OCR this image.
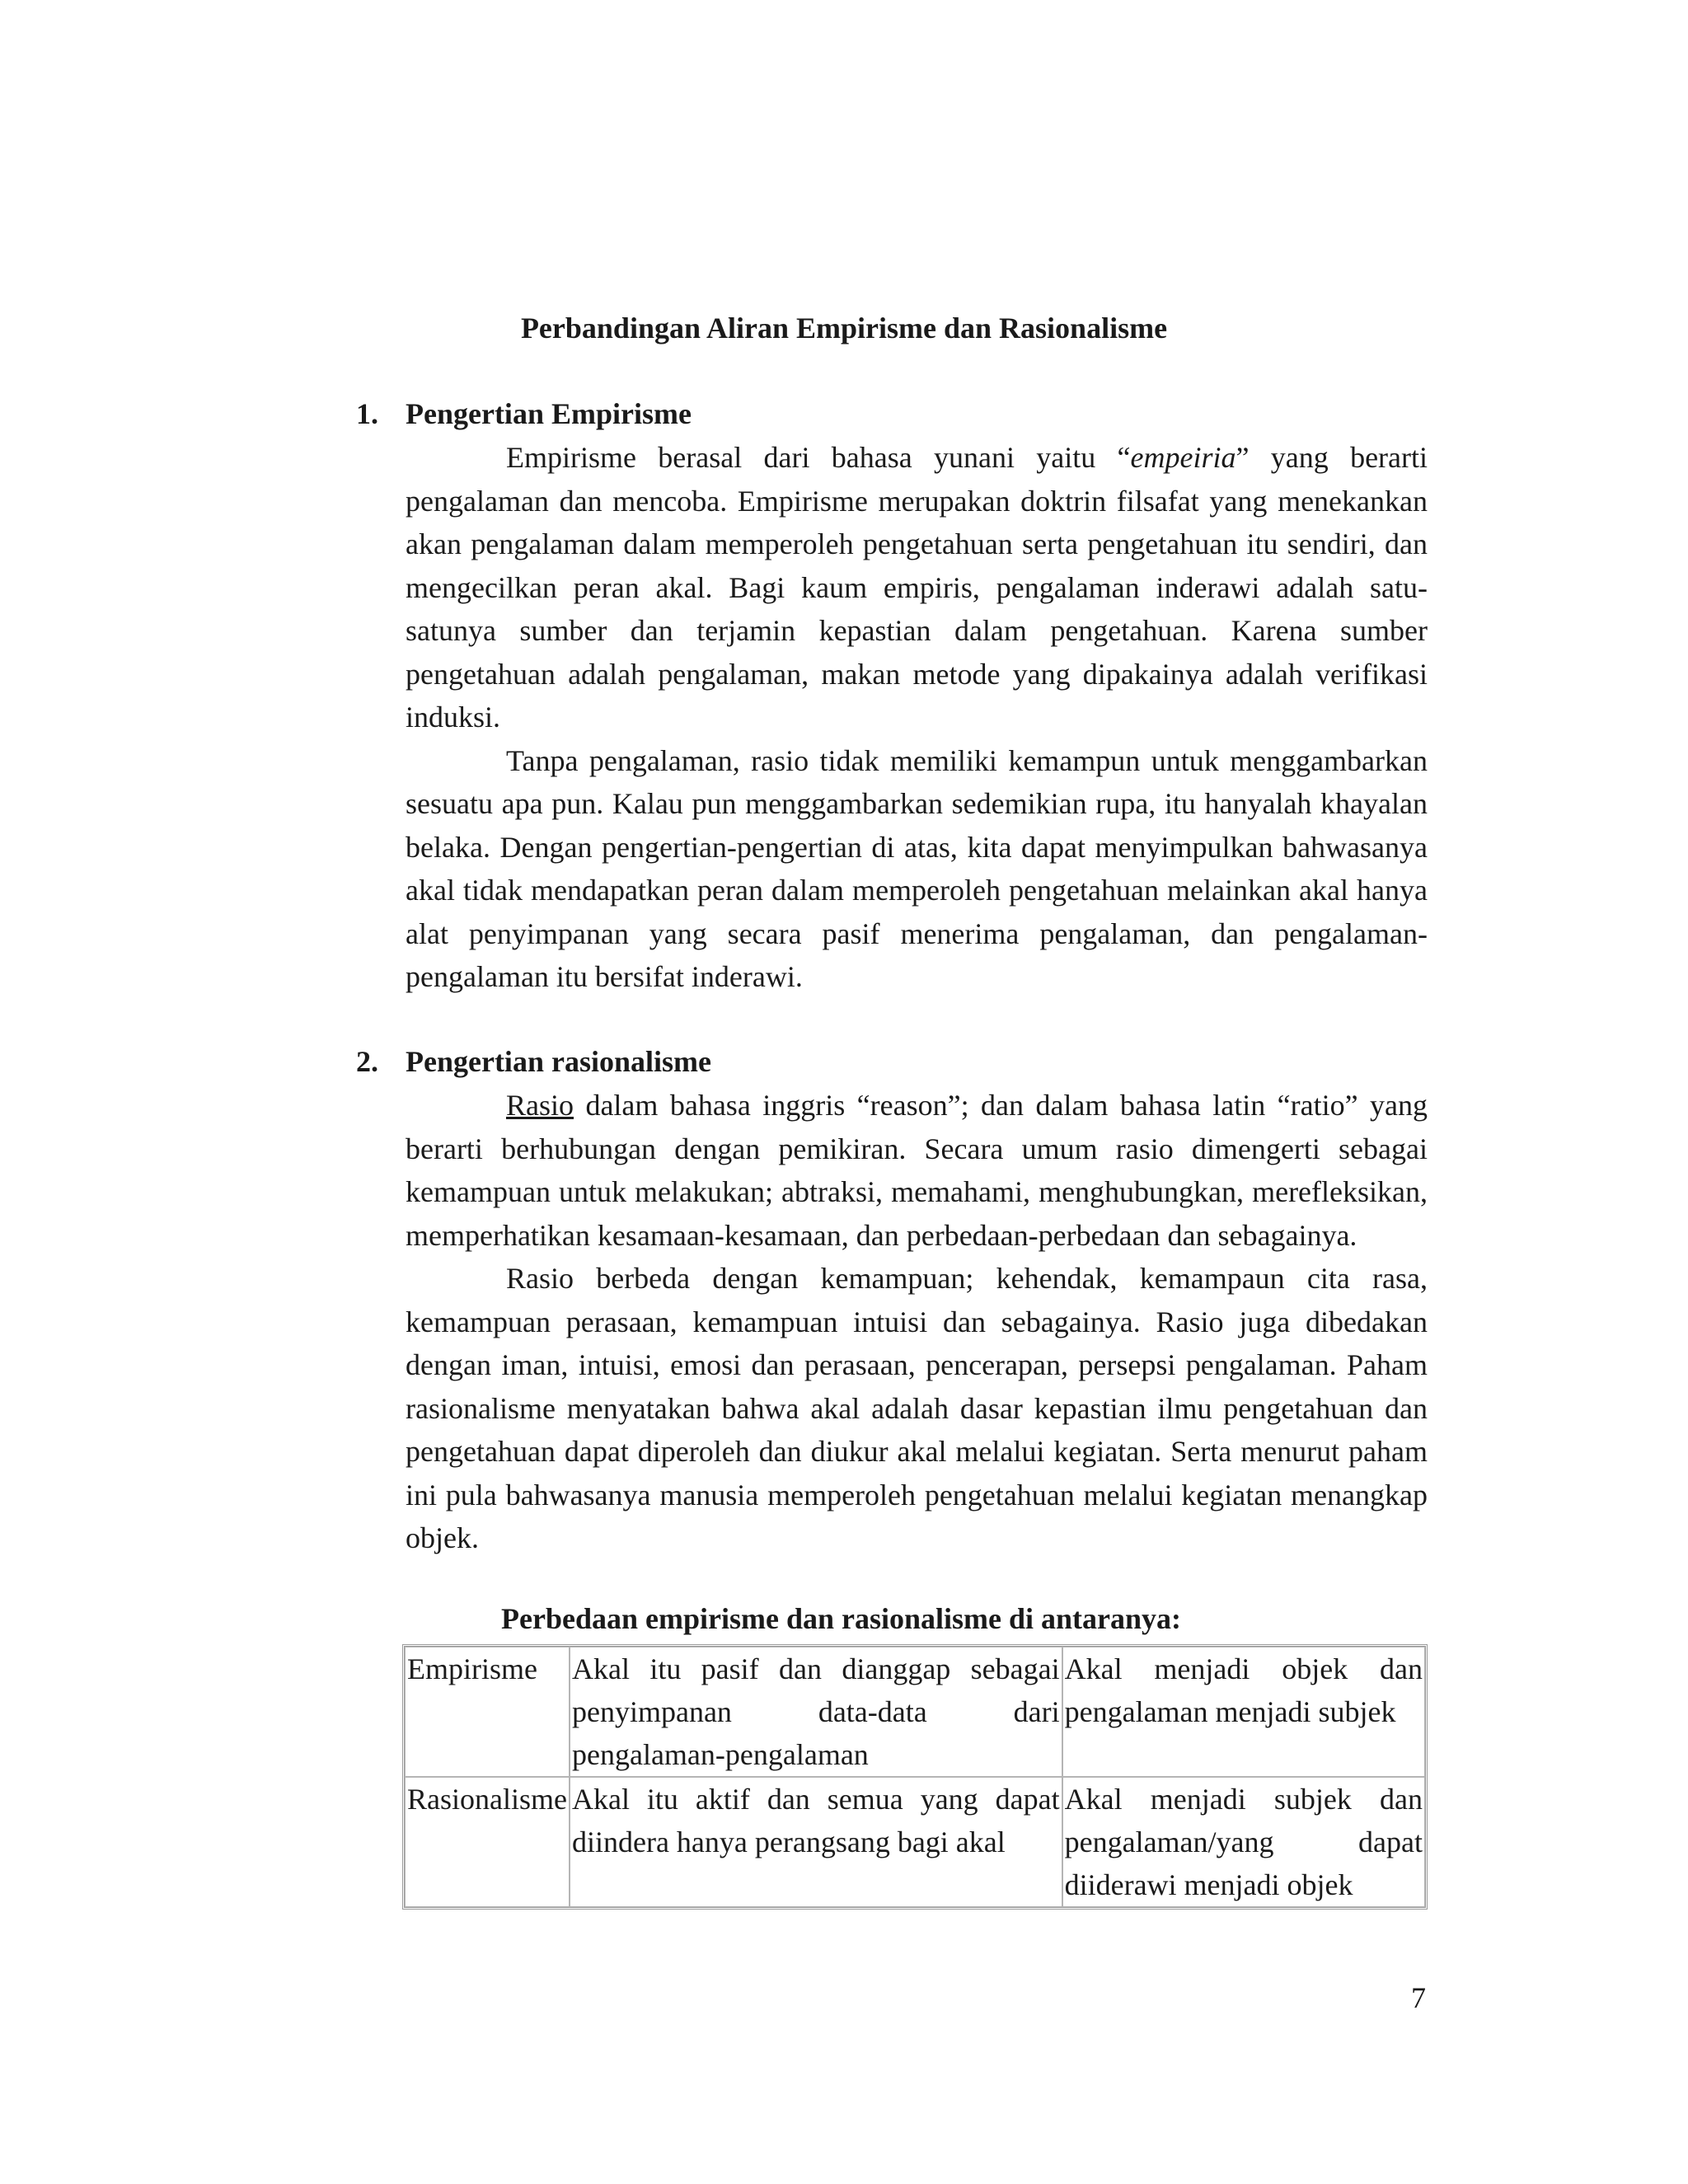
Perbandingan Aliran Empirisme dan Rasionalisme
1. Pengertian Empirisme

Empirisme berasal dari bahasa yunani yaitu “empeiria” yang berarti pengalaman dan mencoba. Empirisme merupakan doktrin filsafat yang menekankan akan pengalaman dalam memperoleh pengetahuan serta pengetahuan itu sendiri, dan mengecilkan peran akal. Bagi kaum empiris, pengalaman inderawi adalah satu-satunya sumber dan terjamin kepastian dalam pengetahuan. Karena sumber pengetahuan adalah pengalaman, makan metode yang dipakainya adalah verifikasi induksi.

Tanpa pengalaman, rasio tidak memiliki kemampun untuk menggambarkan sesuatu apa pun. Kalau pun menggambarkan sedemikian rupa, itu hanyalah khayalan belaka. Dengan pengertian-pengertian di atas, kita dapat menyimpulkan bahwasanya akal tidak mendapatkan peran dalam memperoleh pengetahuan melainkan akal hanya alat penyimpanan yang secara pasif menerima pengalaman, dan pengalaman-pengalaman itu bersifat inderawi.

2. Pengertian rasionalisme

Rasio dalam bahasa inggris “reason”; dan dalam bahasa latin “ratio” yang berarti berhubungan dengan pemikiran. Secara umum rasio dimengerti sebagai kemampuan untuk melakukan; abtraksi, memahami, menghubungkan, merefleksikan, memperhatikan kesamaan-kesamaan, dan perbedaan-perbedaan dan sebagainya.

Rasio berbeda dengan kemampuan; kehendak, kemampaun cita rasa, kemampuan perasaan, kemampuan intuisi dan sebagainya. Rasio juga dibedakan dengan iman, intuisi, emosi dan perasaan, pencerapan, persepsi pengalaman. Paham rasionalisme menyatakan bahwa akal adalah dasar kepastian ilmu pengetahuan dan pengetahuan dapat diperoleh dan diukur akal melalui kegiatan. Serta menurut paham ini pula bahwasanya manusia memperoleh pengetahuan melalui kegiatan menangkap objek.

Perbedaan empirisme dan rasionalisme di antaranya:
Empirisme	Akal itu pasif dan dianggap sebagai penyimpanan data-data dari pengalaman-pengalaman	Akal menjadi objek dan pengalaman menjadi subjek
Rasionalisme	Akal itu aktif dan semua yang dapat diindera hanya perangsang bagi akal	Akal menjadi subjek dan pengalaman/yang dapat diiderawi menjadi objek
7
